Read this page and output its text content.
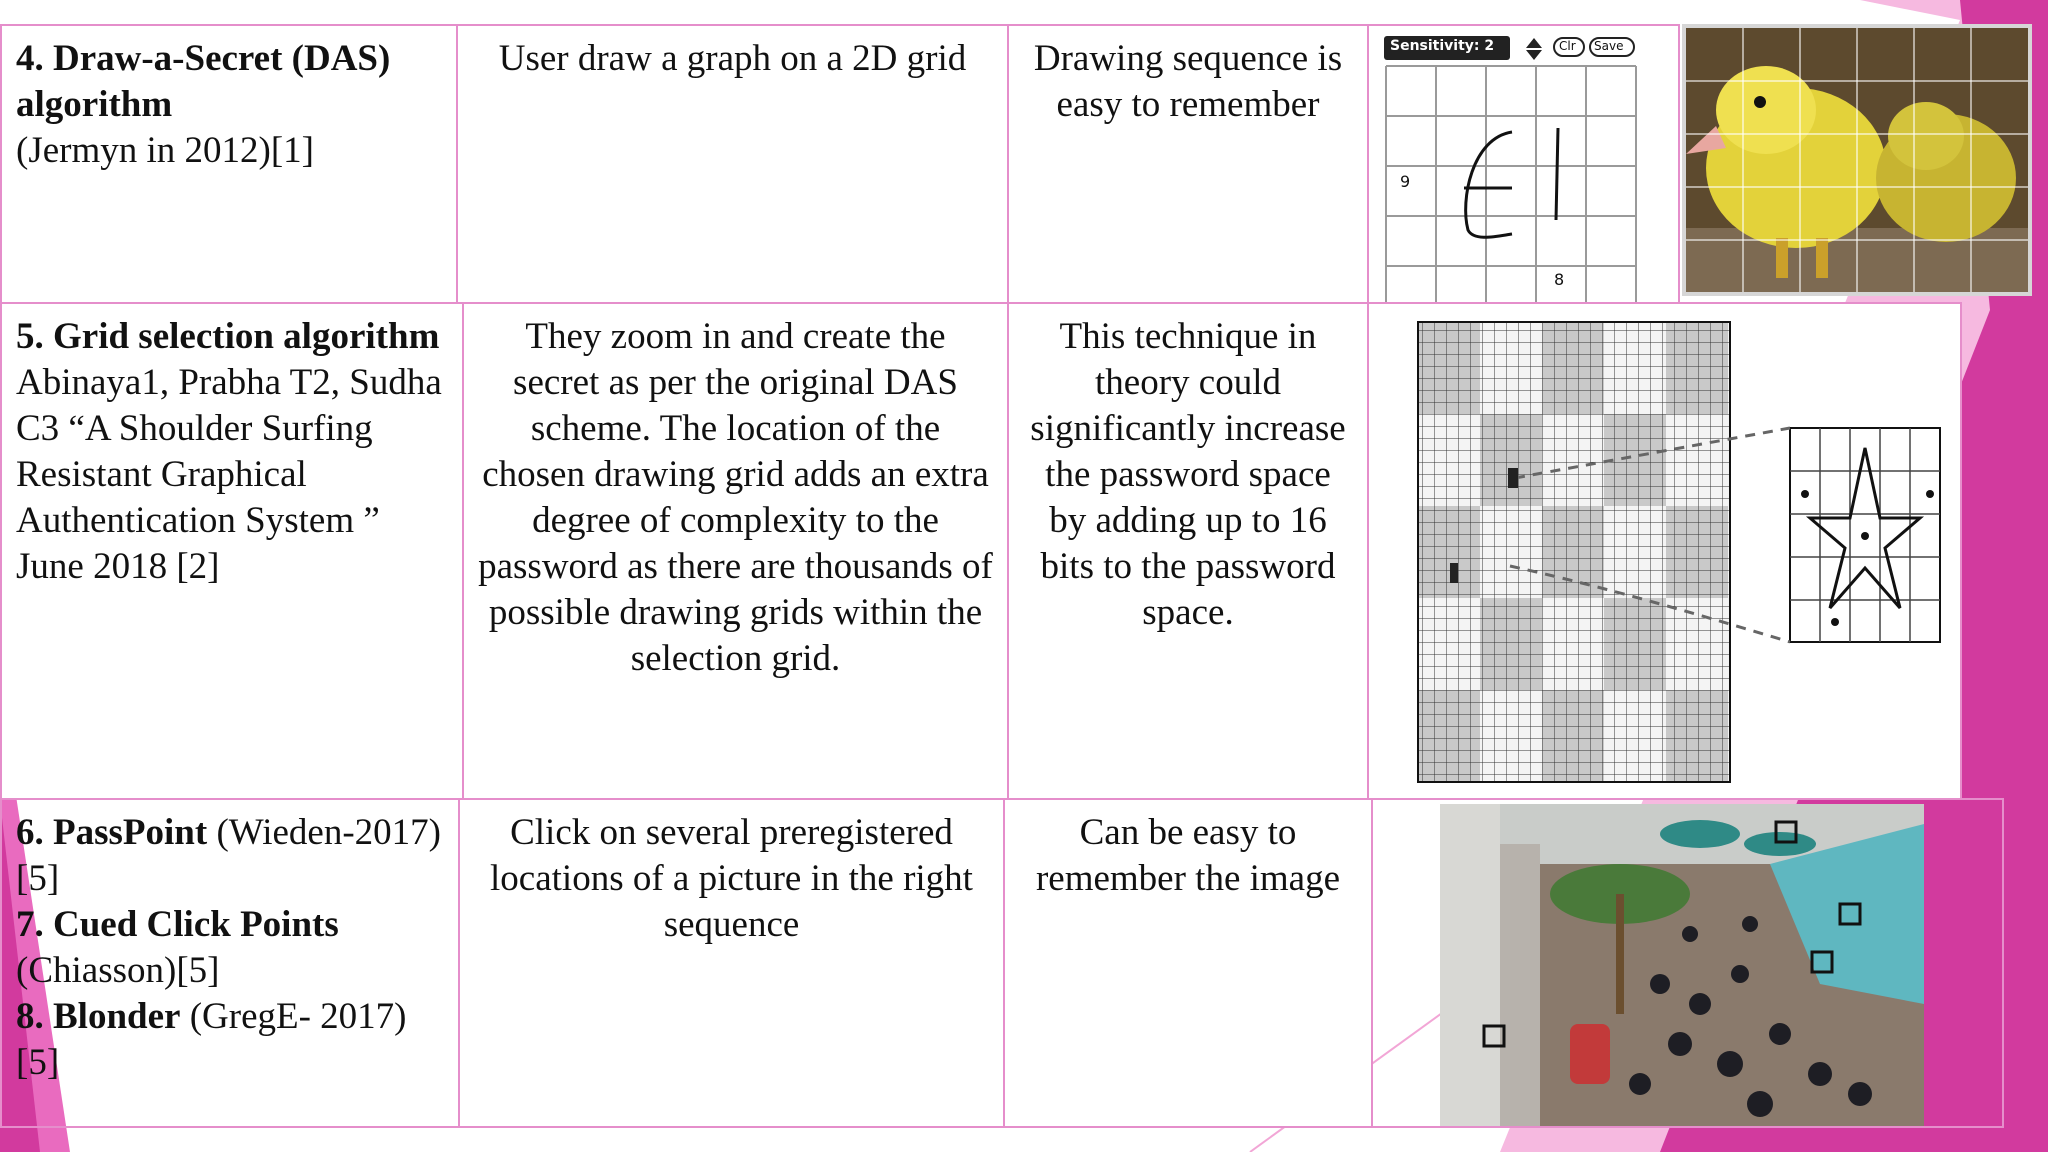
4. Draw-a-Secret (DAS) algorithm
(Jermyn in 2012)[1]
User draw a graph on a 2D grid	Drawing sequence is easy to remember
Sensitivity: 2	Clr Save
9
8
5. Grid selection algorithm
Abinaya1, Prabha T2, Sudha C3 “A Shoulder Surfing Resistant Graphical Authentication System ” June 2018 [2]
They zoom in and create the secret as per the original DAS scheme. The location of the chosen drawing grid adds an extra degree of complexity to the password as there are thousands of possible drawing grids within the selection grid.
This technique in theory could significantly increase the password space by adding up to 16 bits to the password space.
6. PassPoint (Wieden-2017)[5]
7. Cued Click Points (Chiasson)[5]
8. Blonder (GregE- 2017) [5]
Click on several preregistered locations of a picture in the right sequence
Can be easy to remember the image
